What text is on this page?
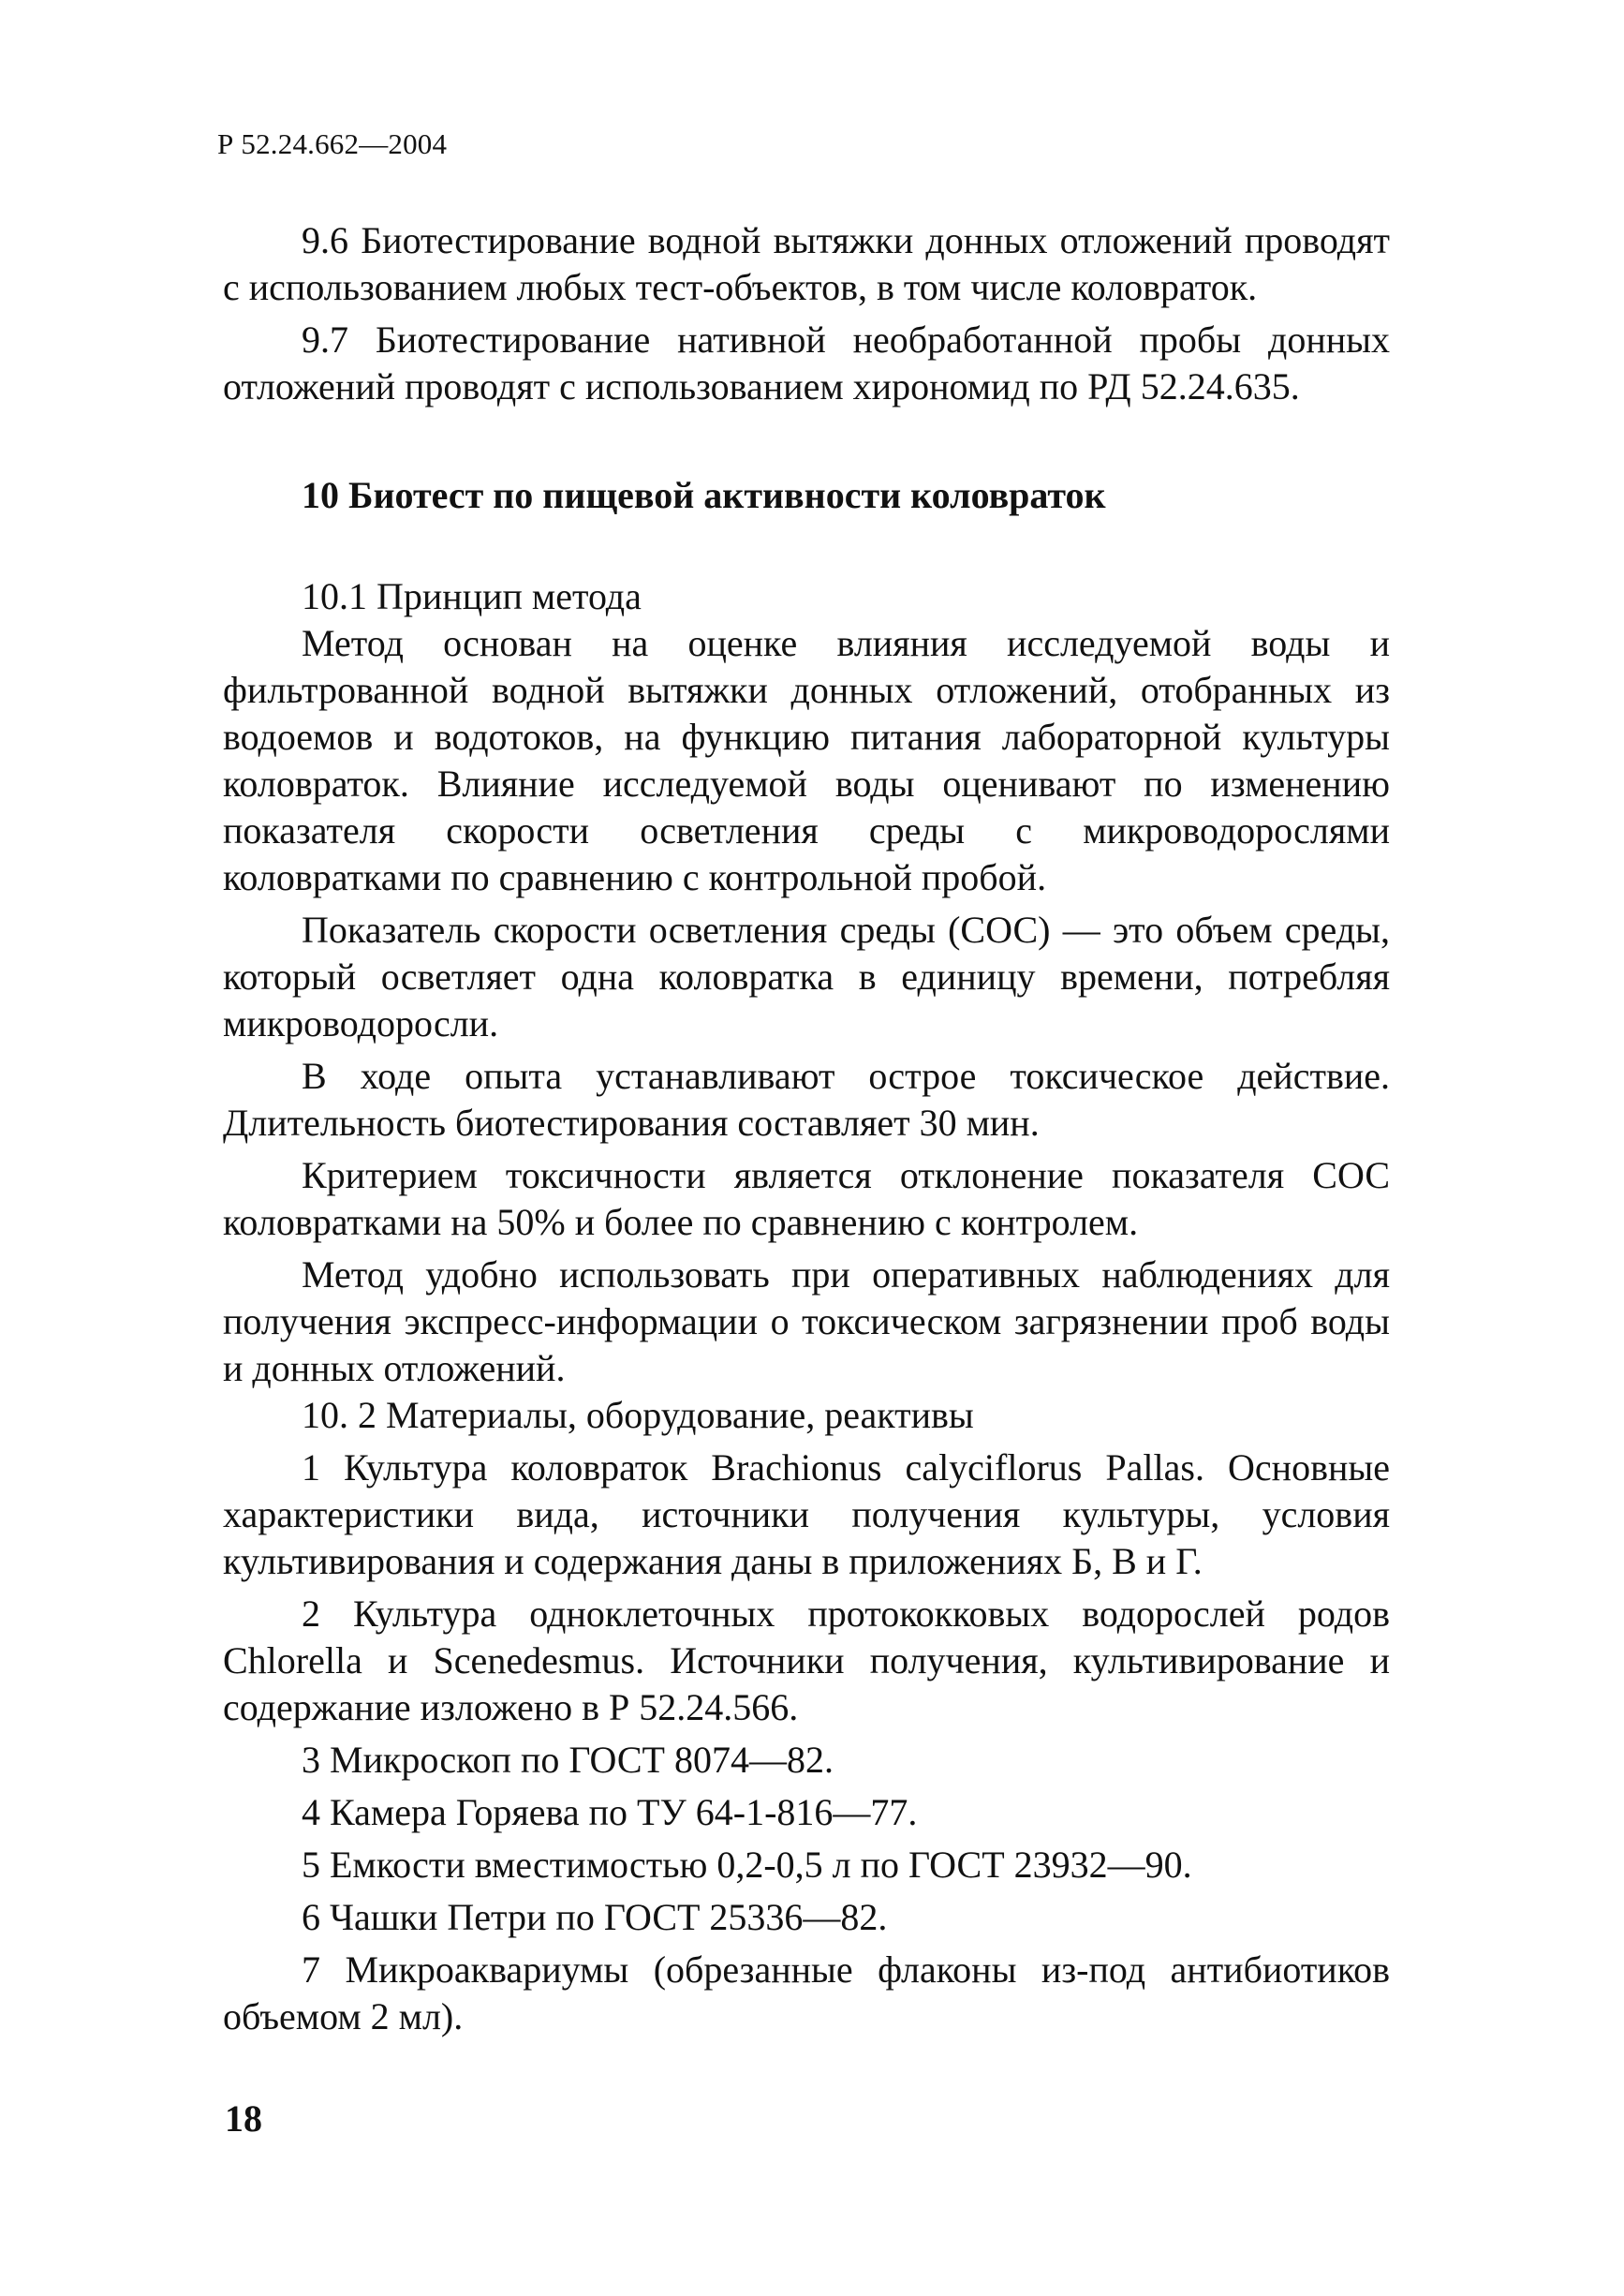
Р 52.24.662—2004

9.6 Биотестирование водной вытяжки донных отложений проводят с использованием любых тест-объектов, в том числе коловраток.

9.7 Биотестирование нативной необработанной пробы донных отложений проводят с использованием хирономид по РД 52.24.635.

10 Биотест по пищевой активности коловраток

10.1 Принцип метода

Метод основан на оценке влияния исследуемой воды и фильтрованной водной вытяжки донных отложений, отобранных из водоемов и водотоков, на функцию питания лабораторной культуры коловраток. Влияние исследуемой воды оценивают по изменению показателя скорости осветления среды с микроводорослями коловратками по сравнению с контрольной пробой.

Показатель скорости осветления среды (СОС) — это объем среды, который осветляет одна коловратка в единицу времени, потребляя микроводоросли.

В ходе опыта устанавливают острое токсическое действие. Длительность биотестирования составляет 30 мин.

Критерием токсичности является отклонение показателя СОС коловратками на 50% и более по сравнению с контролем.

Метод удобно использовать при оперативных наблюдениях для получения экспресс-информации о токсическом загрязнении проб воды и донных отложений.

10. 2 Материалы, оборудование, реактивы

1 Культура коловраток Brachionus calyciflorus Pallas. Основные характеристики вида, источники получения культуры, условия культивирования и содержания даны в приложениях Б, В и Г.

2 Культура одноклеточных протококковых водорослей родов Chlorella и Scenedesmus. Источники получения, культивирование и содержание изложено в Р 52.24.566.

3 Микроскоп по ГОСТ 8074—82.

4 Камера Горяева по ТУ 64-1-816—77.

5 Емкости вместимостью 0,2-0,5 л по ГОСТ 23932—90.

6 Чашки Петри по ГОСТ 25336—82.

7 Микроаквариумы (обрезанные флаконы из-под антибиотиков объемом 2 мл).

18
